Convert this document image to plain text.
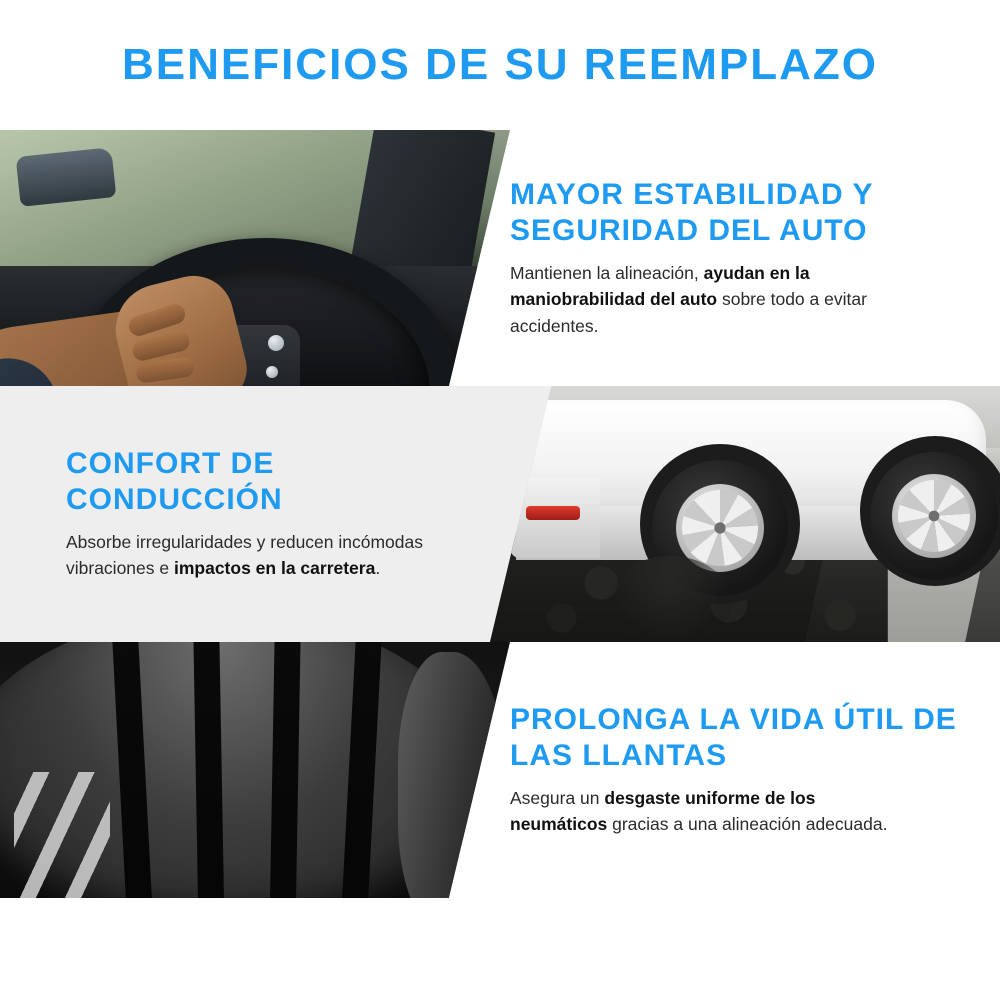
BENEFICIOS DE SU REEMPLAZO
MAYOR ESTABILIDAD Y SEGURIDAD DEL AUTO

Mantienen la alineación, ayudan en la maniobrabilidad del auto sobre todo a evitar accidentes.

CONFORT DE CONDUCCIÓN

Absorbe irregularidades y reducen incómodas vibraciones e impactos en la carretera.

PROLONGA LA VIDA ÚTIL DE LAS LLANTAS

Asegura un desgaste uniforme de los neumáticos gracias a una alineación adecuada.
